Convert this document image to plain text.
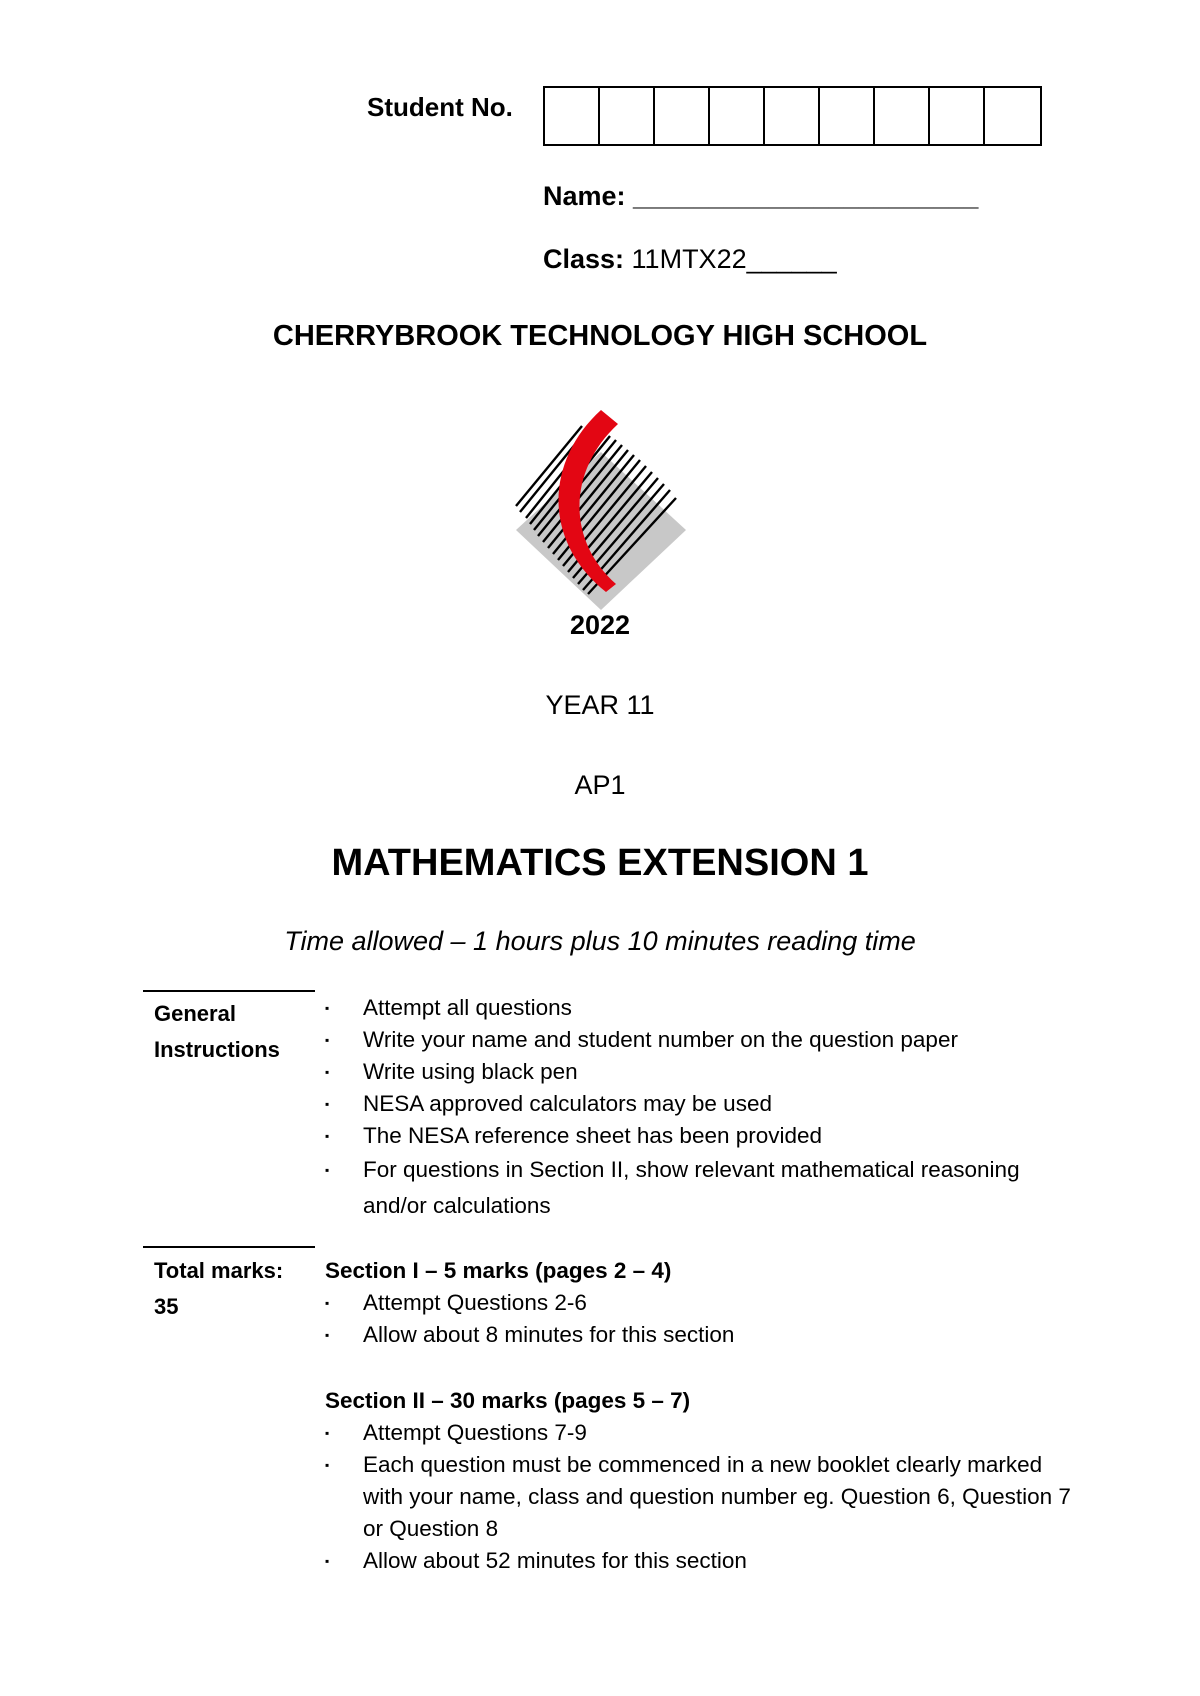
Student No.
Name: _______________________
Class: 11MTX22______
CHERRYBROOK TECHNOLOGY HIGH SCHOOL
2022
YEAR 11
AP1
MATHEMATICS EXTENSION 1
Time allowed – 1 hours plus 10 minutes reading time
General
Instructions
▪ Attempt all questions
▪ Write your name and student number on the question paper
▪ Write using black pen
▪ NESA approved calculators may be used
▪ The NESA reference sheet has been provided
▪ For questions in Section II, show relevant mathematical reasoning and/or calculations
Total marks:
35
Section I – 5 marks (pages 2 – 4)
▪ Attempt Questions 2-6
▪ Allow about 8 minutes for this section
Section II – 30 marks (pages 5 – 7)
▪ Attempt Questions 7-9
▪ Each question must be commenced in a new booklet clearly marked with your name, class and question number eg. Question 6, Question 7 or Question 8
▪ Allow about 52 minutes for this section
